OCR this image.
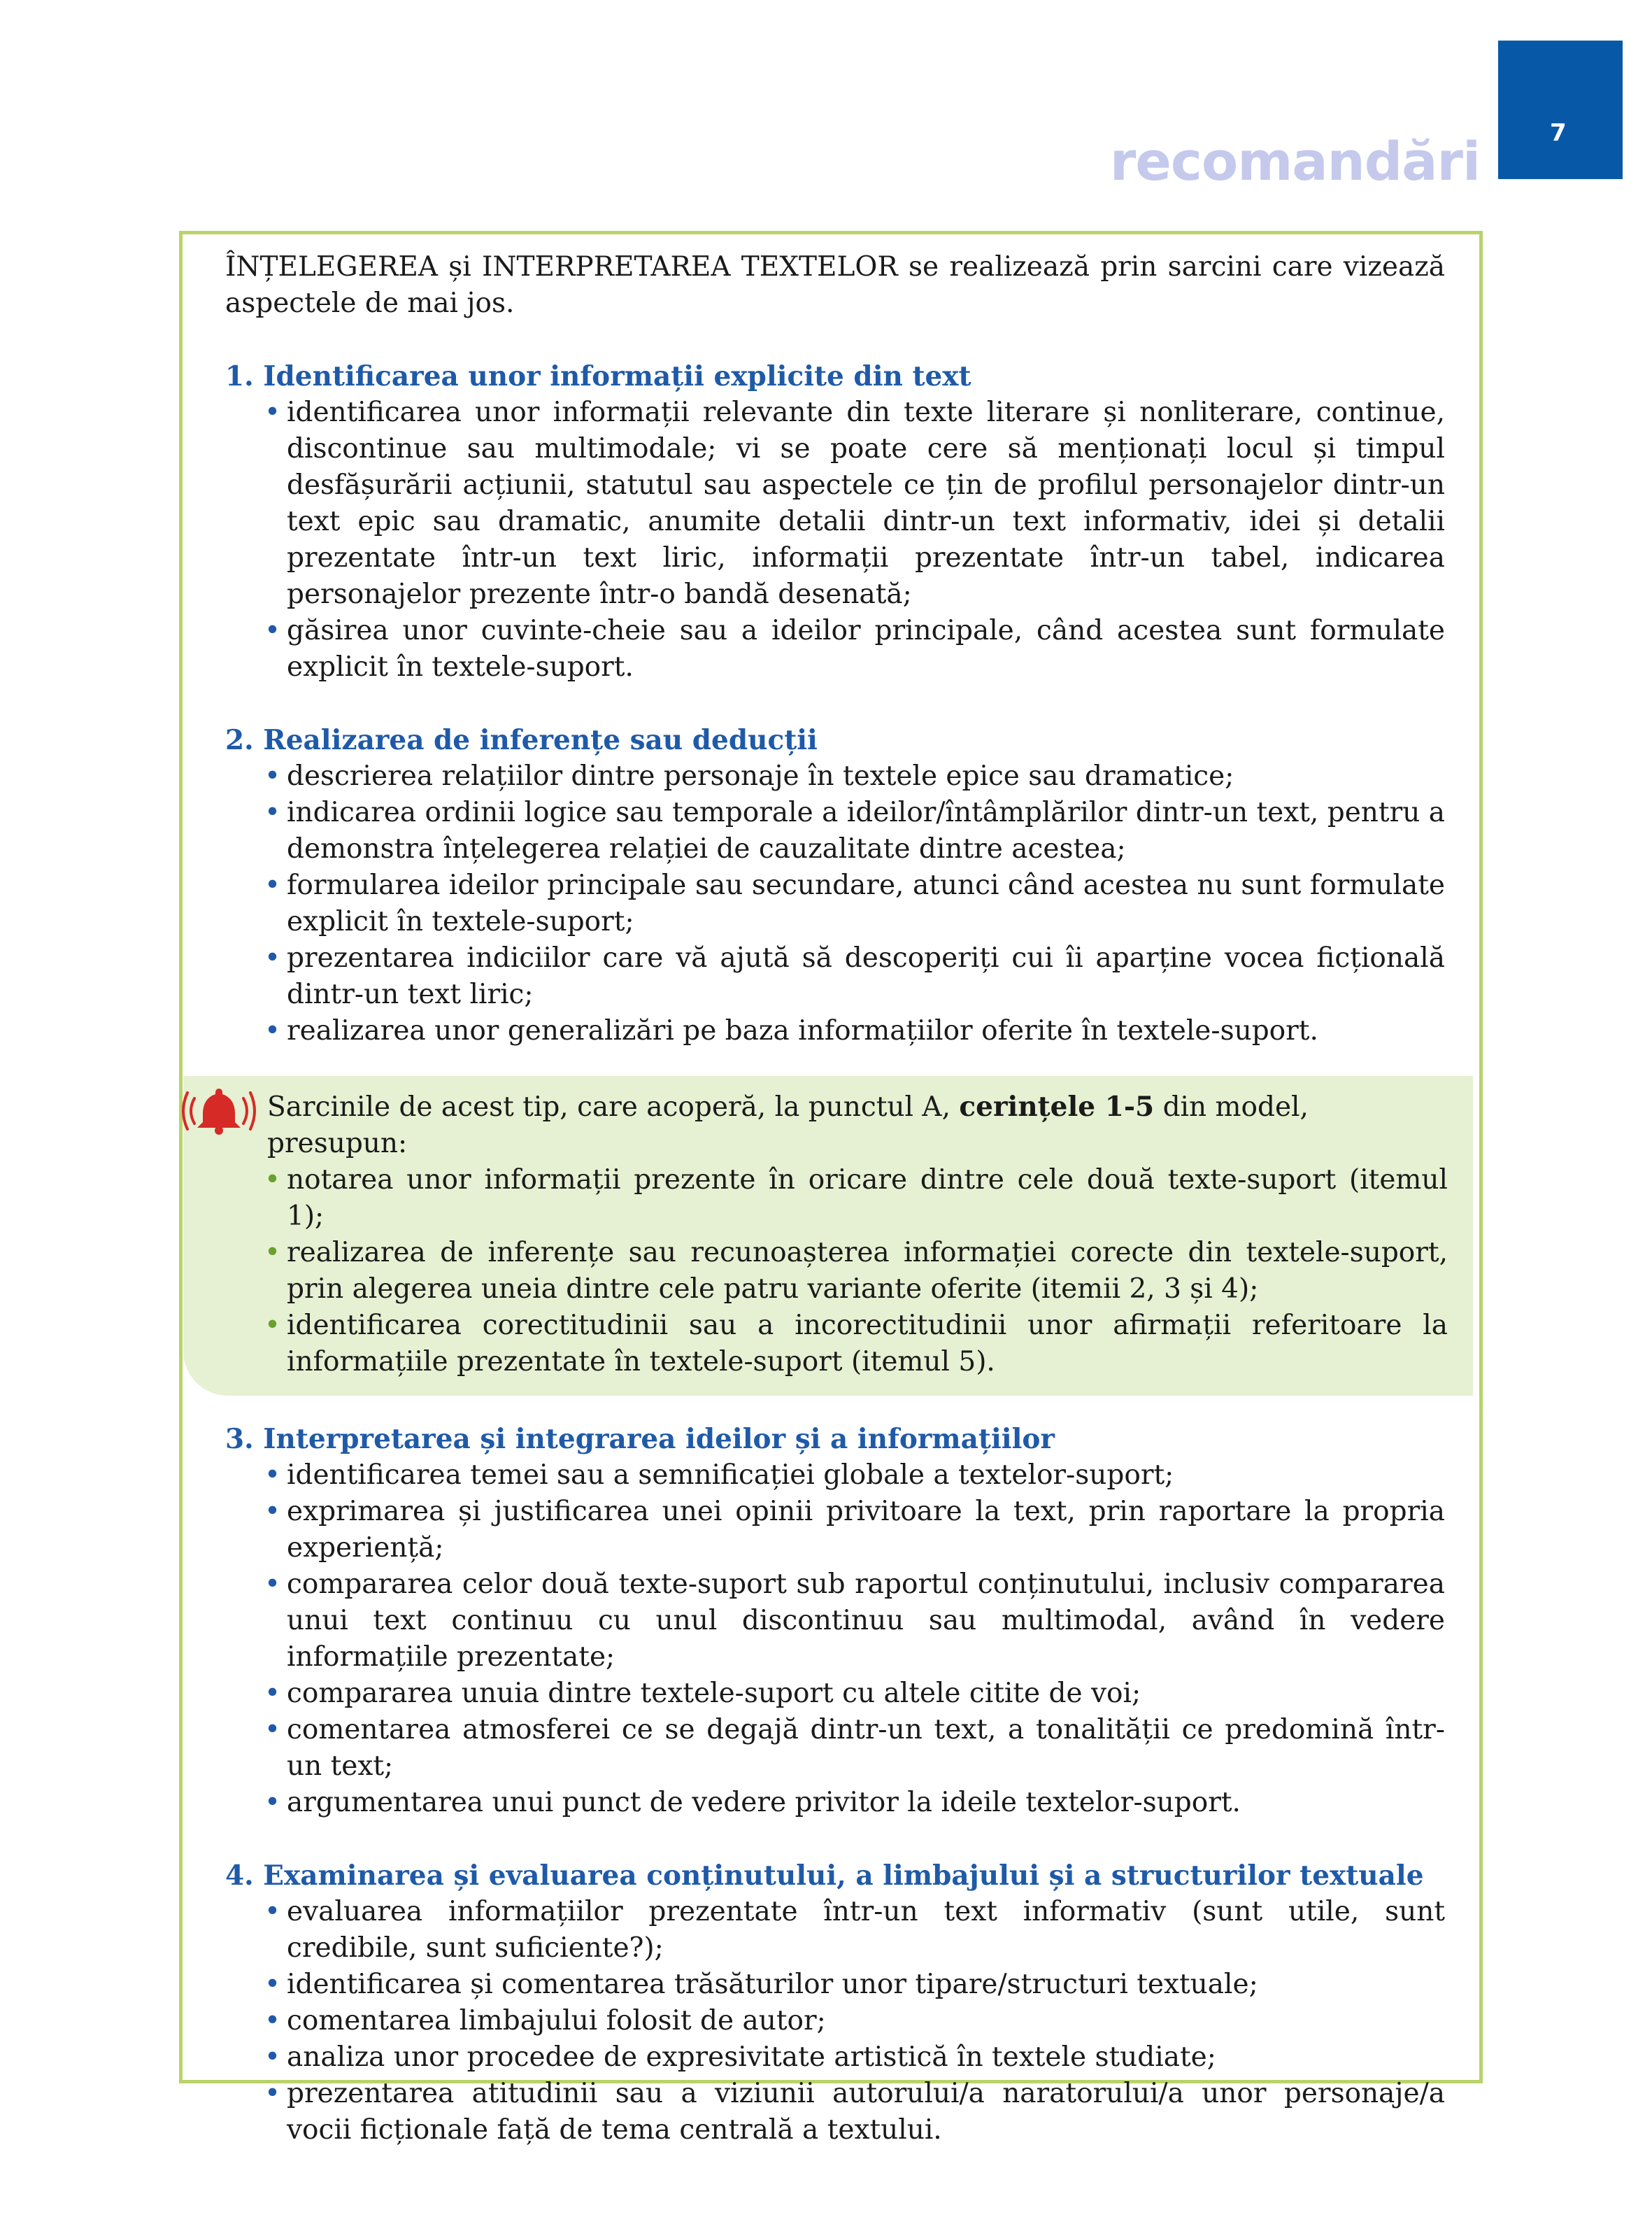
7
recomandări

ÎNȚELEGEREA și INTERPRETAREA TEXTELOR se realizează prin sarcini care vizează aspectele de mai jos.

1. Identificarea unor informații explicite din text

• identificarea unor informații relevante din texte literare și nonliterare, continue, discontinue sau multimodale; vi se poate cere să menționați locul și timpul desfășurării acțiunii, statutul sau aspectele ce țin de profilul personajelor dintr-un text epic sau dramatic, anumite detalii dintr-un text informativ, idei și detalii prezentate într-un text liric, informații prezentate într-un tabel, indicarea personajelor prezente într-o bandă desenată;
• găsirea unor cuvinte-cheie sau a ideilor principale, când acestea sunt formulate explicit în textele-suport.

2. Realizarea de inferențe sau deducții

• descrierea relațiilor dintre personaje în textele epice sau dramatice;
• indicarea ordinii logice sau temporale a ideilor/întâmplărilor dintr-un text, pentru a demonstra înțelegerea relației de cauzalitate dintre acestea;
• formularea ideilor principale sau secundare, atunci când acestea nu sunt formulate explicit în textele-suport;
• prezentarea indiciilor care vă ajută să descoperiți cui îi aparține vocea ficțională dintr-un text liric;
• realizarea unor generalizări pe baza informațiilor oferite în textele-suport.

Sarcinile de acest tip, care acoperă, la punctul A, cerințele 1-5 din model, presupun:

• notarea unor informații prezente în oricare dintre cele două texte-suport (itemul 1);
• realizarea de inferențe sau recunoașterea informației corecte din textele-suport, prin alegerea uneia dintre cele patru variante oferite (itemii 2, 3 și 4);
• identificarea corectitudinii sau a incorectitudinii unor afirmații referitoare la informațiile prezentate în textele-suport (itemul 5).

3. Interpretarea și integrarea ideilor și a informațiilor

• identificarea temei sau a semnificației globale a textelor-suport;
• exprimarea și justificarea unei opinii privitoare la text, prin raportare la propria experiență;
• compararea celor două texte-suport sub raportul conținutului, inclusiv compararea unui text continuu cu unul discontinuu sau multimodal, având în vedere informațiile prezentate;
• compararea unuia dintre textele-suport cu altele citite de voi;
• comentarea atmosferei ce se degajă dintr-un text, a tonalității ce predomină într-un text;
• argumentarea unui punct de vedere privitor la ideile textelor-suport.

4. Examinarea și evaluarea conținutului, a limbajului și a structurilor textuale

• evaluarea informațiilor prezentate într-un text informativ (sunt utile, sunt credibile, sunt suficiente?);
• identificarea și comentarea trăsăturilor unor tipare/structuri textuale;
• comentarea limbajului folosit de autor;
• analiza unor procedee de expresivitate artistică în textele studiate;
• prezentarea atitudinii sau a viziunii autorului/a naratorului/a unor personaje/a vocii ficționale față de tema centrală a textului.
